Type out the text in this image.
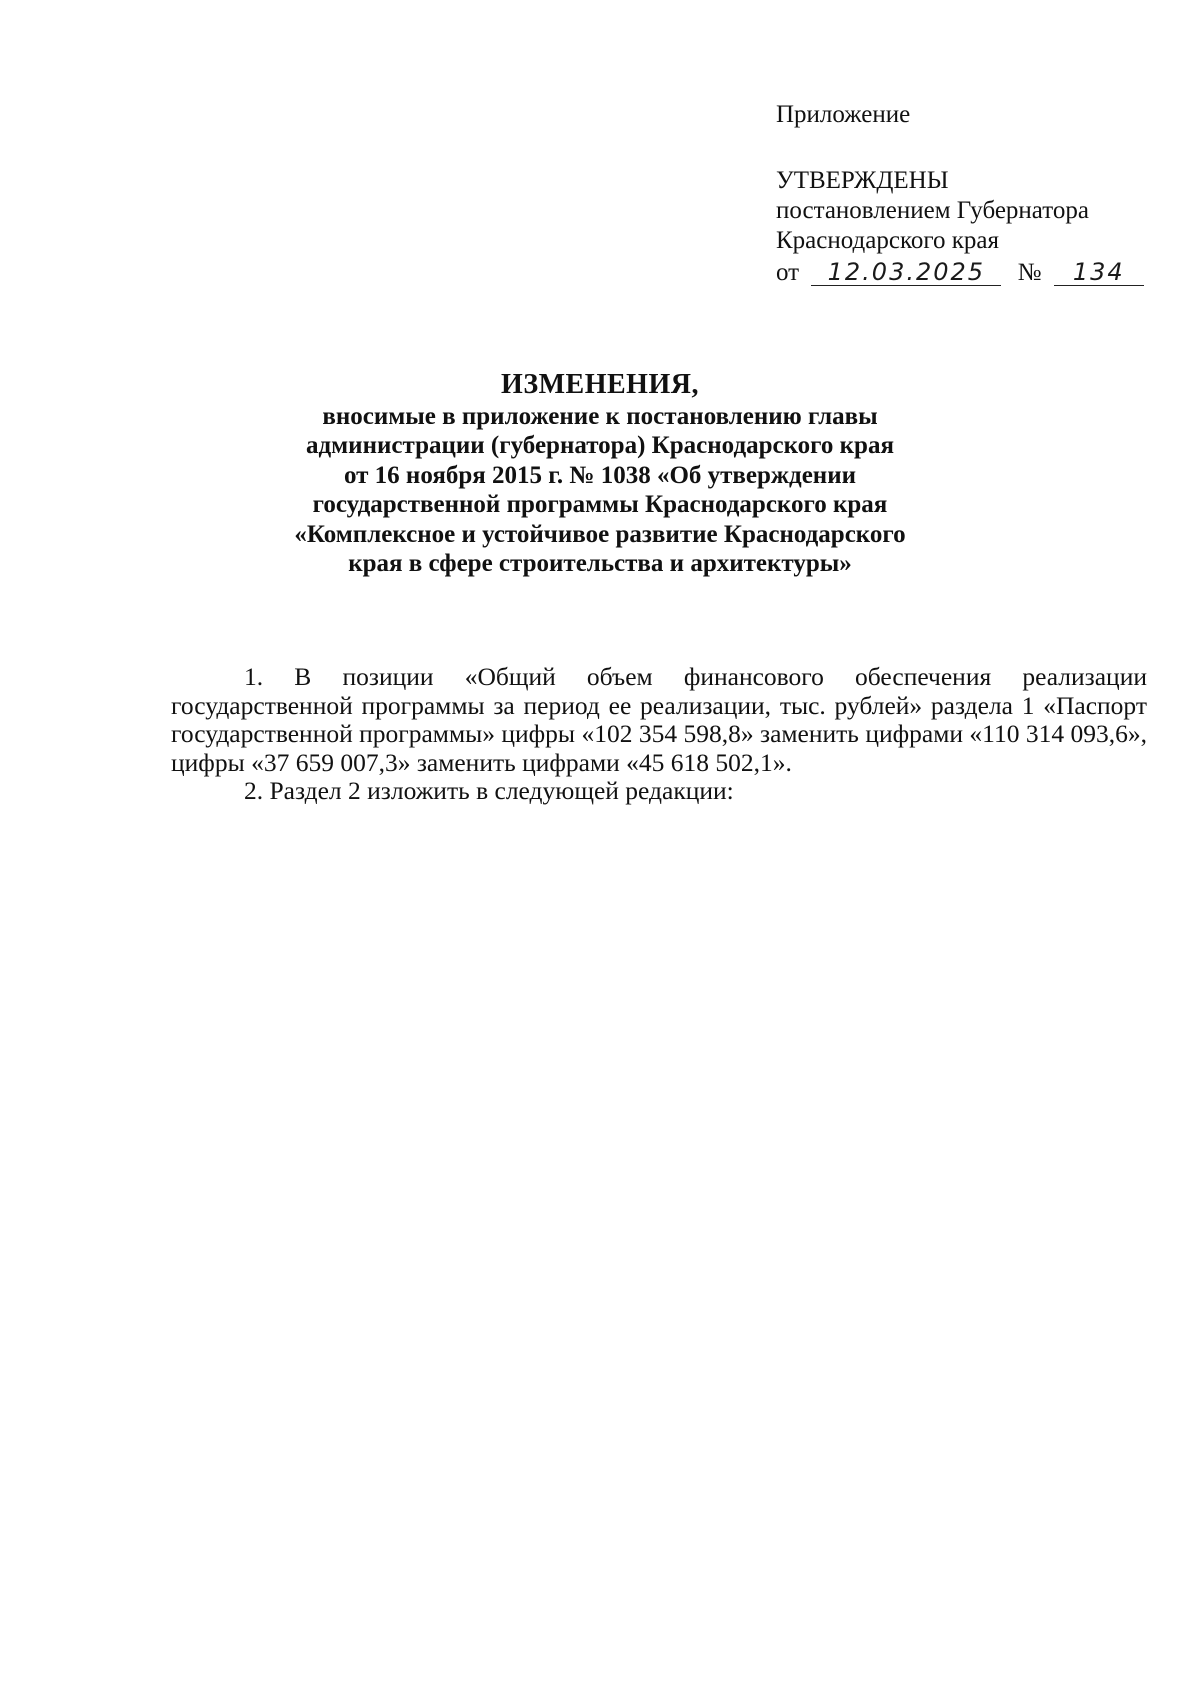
Приложение
УТВЕРЖДЕНЫ
постановлением Губернатора
Краснодарского края
от 12.03.2025 № 134
ИЗМЕНЕНИЯ,
вносимые в приложение к постановлению главы
администрации (губернатора) Краснодарского края
от 16 ноября 2015 г. № 1038 «Об утверждении
государственной программы Краснодарского края
«Комплексное и устойчивое развитие Краснодарского
края в сфере строительства и архитектуры»

1. В позиции «Общий объем финансового обеспечения реализации государственной программы за период ее реализации, тыс. рублей» раздела 1 «Паспорт государственной программы» цифры «102 354 598,8» заменить цифрами «110 314 093,6», цифры «37 659 007,3» заменить цифрами «45 618 502,1».

2. Раздел 2 изложить в следующей редакции:
